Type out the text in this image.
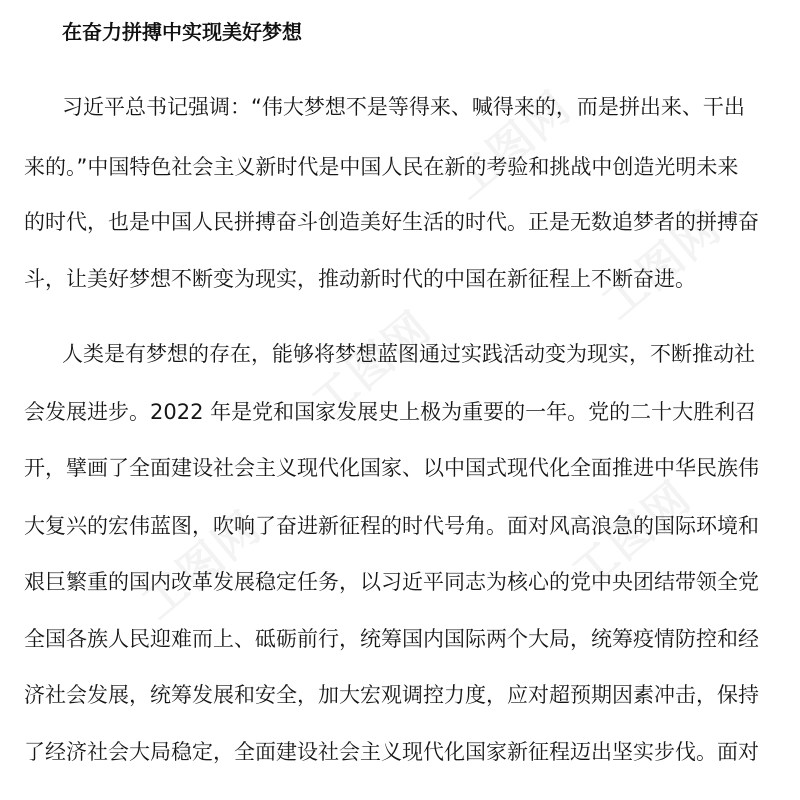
工图网
工图网
工图网
工图网	工图网
在奋力拼搏中实现美好梦想
习近平总书记强调：“伟大梦想不是等得来、喊得来的，而是拼出来、干出
来的。”中国特色社会主义新时代是中国人民在新的考验和挑战中创造光明未来
的时代，也是中国人民拼搏奋斗创造美好生活的时代。正是无数追梦者的拼搏奋
斗，让美好梦想不断变为现实，推动新时代的中国在新征程上不断奋进。
人类是有梦想的存在，能够将梦想蓝图通过实践活动变为现实，不断推动社
会发展进步。2022 年是党和国家发展史上极为重要的一年。党的二十大胜利召
开，擘画了全面建设社会主义现代化国家、以中国式现代化全面推进中华民族伟
大复兴的宏伟蓝图，吹响了奋进新征程的时代号角。面对风高浪急的国际环境和
艰巨繁重的国内改革发展稳定任务，以习近平同志为核心的党中央团结带领全党
全国各族人民迎难而上、砥砺前行，统筹国内国际两个大局，统筹疫情防控和经
济社会发展，统筹发展和安全，加大宏观调控力度，应对超预期因素冲击，保持
了经济社会大局稳定，全面建设社会主义现代化国家新征程迈出坚实步伐。面对
